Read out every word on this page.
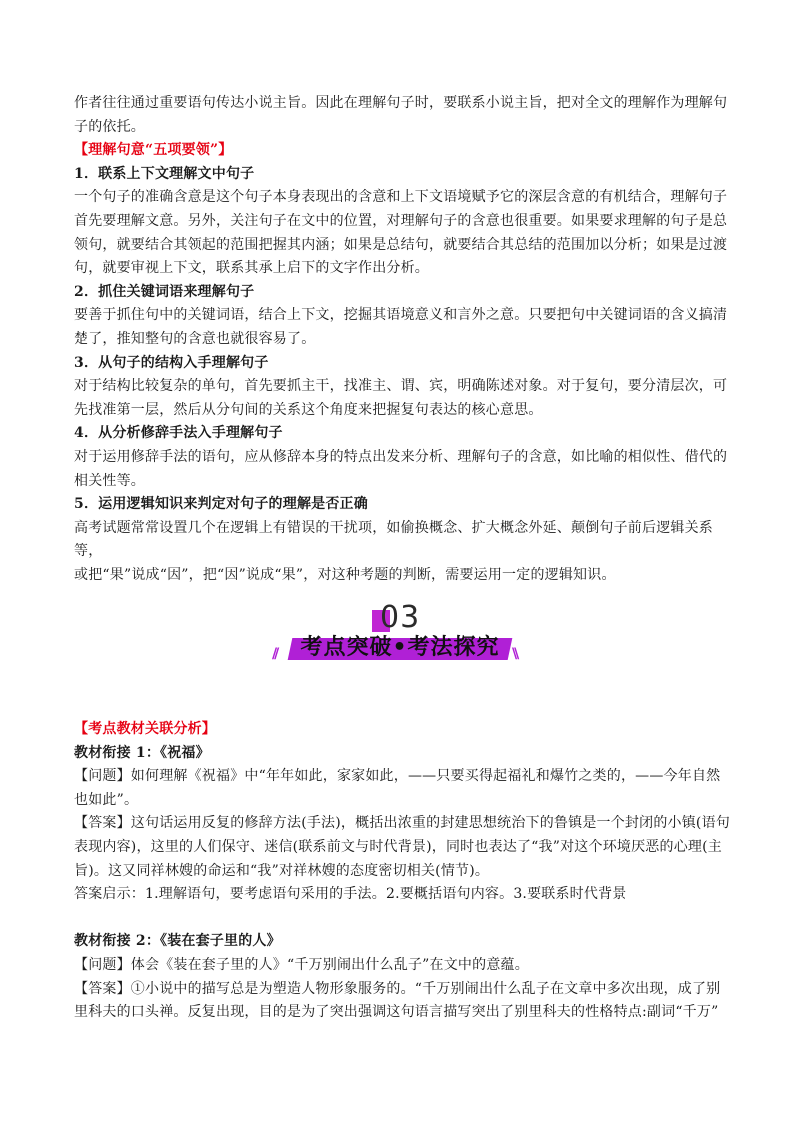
作者往往通过重要语句传达小说主旨。因此在理解句子时，要联系小说主旨，把对全文的理解作为理解句

子的依托。

【理解句意“五项要领”】

1．联系上下文理解文中句子

一个句子的准确含意是这个句子本身表现出的含意和上下文语境赋予它的深层含意的有机结合，理解句子

首先要理解文意。另外，关注句子在文中的位置，对理解句子的含意也很重要。如果要求理解的句子是总

领句，就要结合其领起的范围把握其内涵；如果是总结句，就要结合其总结的范围加以分析；如果是过渡

句，就要审视上下文，联系其承上启下的文字作出分析。

2．抓住关键词语来理解句子

要善于抓住句中的关键词语，结合上下文，挖掘其语境意义和言外之意。只要把句中关键词语的含义搞清

楚了，推知整句的含意也就很容易了。

3．从句子的结构入手理解句子

对于结构比较复杂的单句，首先要抓主干，找准主、谓、宾，明确陈述对象。对于复句，要分清层次，可

先找准第一层，然后从分句间的关系这个角度来把握复句表达的核心意思。

4．从分析修辞手法入手理解句子

对于运用修辞手法的语句，应从修辞本身的特点出发来分析、理解句子的含意，如比喻的相似性、借代的

相关性等。

5．运用逻辑知识来判定对句子的理解是否正确

高考试题常常设置几个在逻辑上有错误的干扰项，如偷换概念、扩大概念外延、颠倒句子前后逻辑关系等，

或把“果”说成“因”，把“因”说成“果”，对这种考题的判断，需要运用一定的逻辑知识。

03
// 考点突破•考法探究 \\

【考点教材关联分析】

教材衔接 1：《祝福》

【问题】如何理解《祝福》中“年年如此，家家如此，——只要买得起福礼和爆竹之类的，——今年自然

也如此”。

【答案】这句话运用反复的修辞方法(手法)，概括出浓重的封建思想统治下的鲁镇是一个封闭的小镇(语句

表现内容)，这里的人们保守、迷信(联系前文与时代背景)，同时也表达了“我”对这个环境厌恶的心理(主

旨)。这又同祥林嫂的命运和“我”对祥林嫂的态度密切相关(情节)。

答案启示：1.理解语句，要考虑语句采用的手法。2.要概括语句内容。3.要联系时代背景

教材衔接 2：《装在套子里的人》

【问题】体会《装在套子里的人》“千万别闹出什么乱子”在文中的意蕴。

【答案】①小说中的描写总是为塑造人物形象服务的。“千万别闹出什么乱子在文章中多次出现，成了别

里科夫的口头禅。反复出现，目的是为了突出强调这句语言描写突出了别里科夫的性格特点:副词“千万”
